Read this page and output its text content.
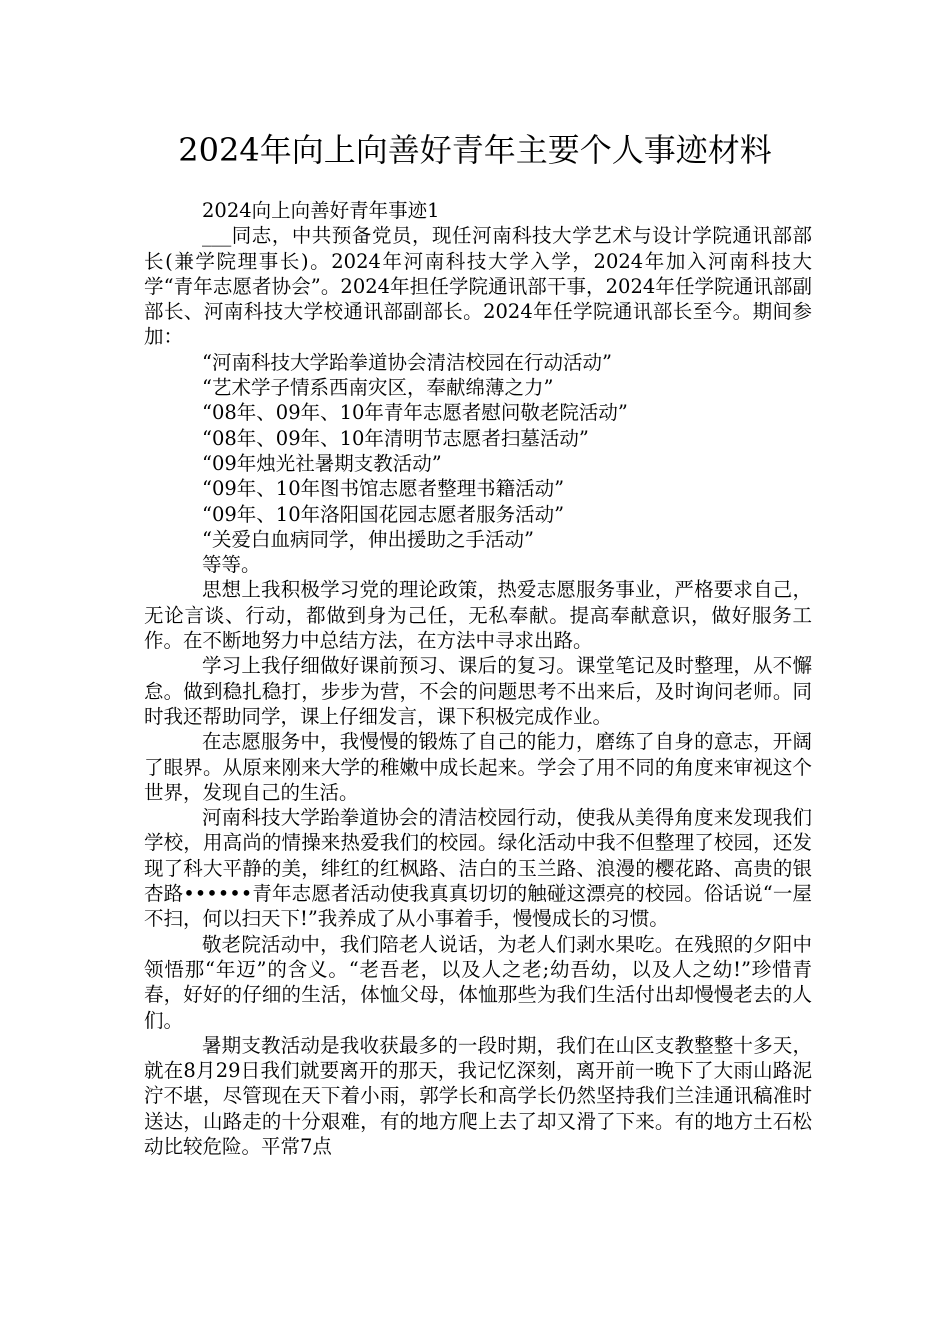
2024年向上向善好青年主要个人事迹材料

2024向上向善好青年事迹1

___同志，中共预备党员，现任河南科技大学艺术与设计学院通讯部部长(兼学院理事长)。2024年河南科技大学入学，2024年加入河南科技大学“青年志愿者协会”。2024年担任学院通讯部干事，2024年任学院通讯部副部长、河南科技大学校通讯部副部长。2024年任学院通讯部长至今。期间参加：

“河南科技大学跆拳道协会清洁校园在行动活动”

“艺术学子情系西南灾区，奉献绵薄之力”

“08年、09年、10年青年志愿者慰问敬老院活动”

“08年、09年、10年清明节志愿者扫墓活动”

“09年烛光社暑期支教活动”

“09年、10年图书馆志愿者整理书籍活动”

“09年、10年洛阳国花园志愿者服务活动”

“关爱白血病同学，伸出援助之手活动”

等等。

思想上我积极学习党的理论政策，热爱志愿服务事业，严格要求自己，无论言谈、行动，都做到身为己任，无私奉献。提高奉献意识，做好服务工作。在不断地努力中总结方法，在方法中寻求出路。

学习上我仔细做好课前预习、课后的复习。课堂笔记及时整理，从不懈怠。做到稳扎稳打，步步为营，不会的问题思考不出来后，及时询问老师。同时我还帮助同学，课上仔细发言，课下积极完成作业。

在志愿服务中，我慢慢的锻炼了自己的能力，磨练了自身的意志，开阔了眼界。从原来刚来大学的稚嫩中成长起来。学会了用不同的角度来审视这个世界，发现自己的生活。

河南科技大学跆拳道协会的清洁校园行动，使我从美得角度来发现我们学校，用高尚的情操来热爱我们的校园。绿化活动中我不但整理了校园，还发现了科大平静的美，绯红的红枫路、洁白的玉兰路、浪漫的樱花路、高贵的银杏路••••••青年志愿者活动使我真真切切的触碰这漂亮的校园。俗话说“一屋不扫，何以扫天下!”我养成了从小事着手，慢慢成长的习惯。

敬老院活动中，我们陪老人说话，为老人们剥水果吃。在残照的夕阳中领悟那“年迈”的含义。“老吾老，以及人之老;幼吾幼，以及人之幼!”珍惜青春，好好的仔细的生活，体恤父母，体恤那些为我们生活付出却慢慢老去的人们。

暑期支教活动是我收获最多的一段时期，我们在山区支教整整十多天，就在8月29日我们就要离开的那天，我记忆深刻，离开前一晚下了大雨山路泥泞不堪，尽管现在天下着小雨，郭学长和高学长仍然坚持我们兰洼通讯稿准时送达，山路走的十分艰难，有的地方爬上去了却又滑了下来。有的地方土石松动比较危险。平常7点
